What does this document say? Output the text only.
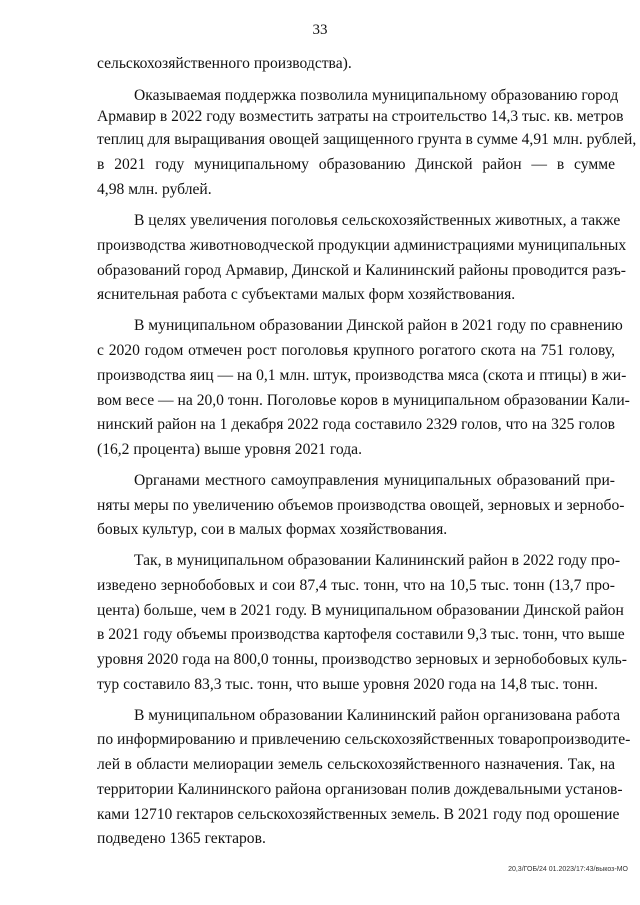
33
сельскохозяйственного производства).
Оказываемая поддержка позволила муниципальному образованию город
Армавир в 2022 году возместить затраты на строительство 14,3 тыс. кв. метров
теплиц для выращивания овощей защищенного грунта в сумме 4,91 млн. рублей,
в 2021 году муниципальному образованию Динской район — в сумме
4,98 млн. рублей.
В целях увеличения поголовья сельскохозяйственных животных, а также
производства животноводческой продукции администрациями муниципальных
образований город Армавир, Динской и Калининский районы проводится разъ-
яснительная работа с субъектами малых форм хозяйствования.
В муниципальном образовании Динской район в 2021 году по сравнению
с 2020 годом отмечен рост поголовья крупного рогатого скота на 751 голову,
производства яиц — на 0,1 млн. штук, производства мяса (скота и птицы) в жи-
вом весе — на 20,0 тонн. Поголовье коров в муниципальном образовании Кали-
нинский район на 1 декабря 2022 года составило 2329 голов, что на 325 голов
(16,2 процента) выше уровня 2021 года.
Органами местного самоуправления муниципальных образований при-
няты меры по увеличению объемов производства овощей, зерновых и зернобо-
бовых культур, сои в малых формах хозяйствования.
Так, в муниципальном образовании Калининский район в 2022 году про-
изведено зернобобовых и сои 87,4 тыс. тонн, что на 10,5 тыс. тонн (13,7 про-
цента) больше, чем в 2021 году. В муниципальном образовании Динской район
в 2021 году объемы производства картофеля составили 9,3 тыс. тонн, что выше
уровня 2020 года на 800,0 тонны, производство зерновых и зернобобовых куль-
тур составило 83,3 тыс. тонн, что выше уровня 2020 года на 14,8 тыс. тонн.
В муниципальном образовании Калининский район организована работа
по информированию и привлечению сельскохозяйственных товаропроизводите-
лей в области мелиорации земель сельскохозяйственного назначения. Так, на
территории Калининского района организован полив дождевальными установ-
ками 12710 гектаров сельскохозяйственных земель. В 2021 году под орошение
подведено 1365 гектаров.
20,3/ГОБ/24 01.2023/17:43/выкоз-МО
